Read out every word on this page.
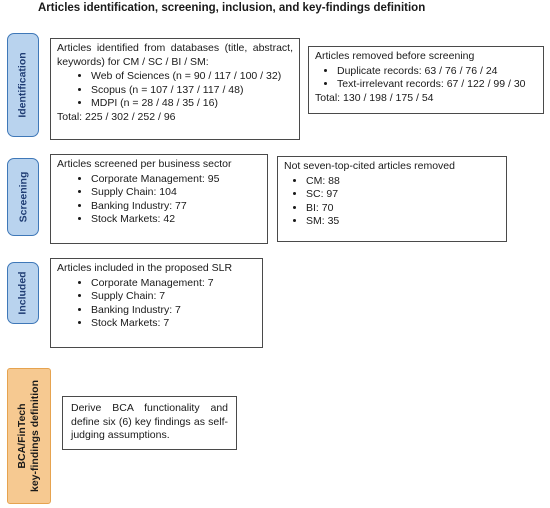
Articles identification, screening, inclusion, and key-findings definition
Identification
Screening
Included
BCA/FinTech key-findings definition
Articles identified from databases (title, abstract, keywords) for CM / SC / BI / SM:
• Web of Sciences (n = 90 / 117 / 100 / 32)
• Scopus (n = 107 / 137 / 117 / 48)
• MDPI (n = 28 / 48 / 35 / 16)
Total: 225 / 302 / 252 / 96
Articles removed before screening
• Duplicate records: 63 / 76 / 76 / 24
• Text-irrelevant records: 67 / 122 / 99 / 30
Total: 130 / 198 / 175 / 54
Articles screened per business sector
• Corporate Management: 95
• Supply Chain: 104
• Banking Industry: 77
• Stock Markets: 42
Not seven-top-cited articles removed
• CM: 88
• SC: 97
• BI: 70
• SM: 35
Articles included in the proposed SLR
• Corporate Management: 7
• Supply Chain: 7
• Banking Industry: 7
• Stock Markets: 7
Derive BCA functionality and define six (6) key findings as self-judging assumptions.
